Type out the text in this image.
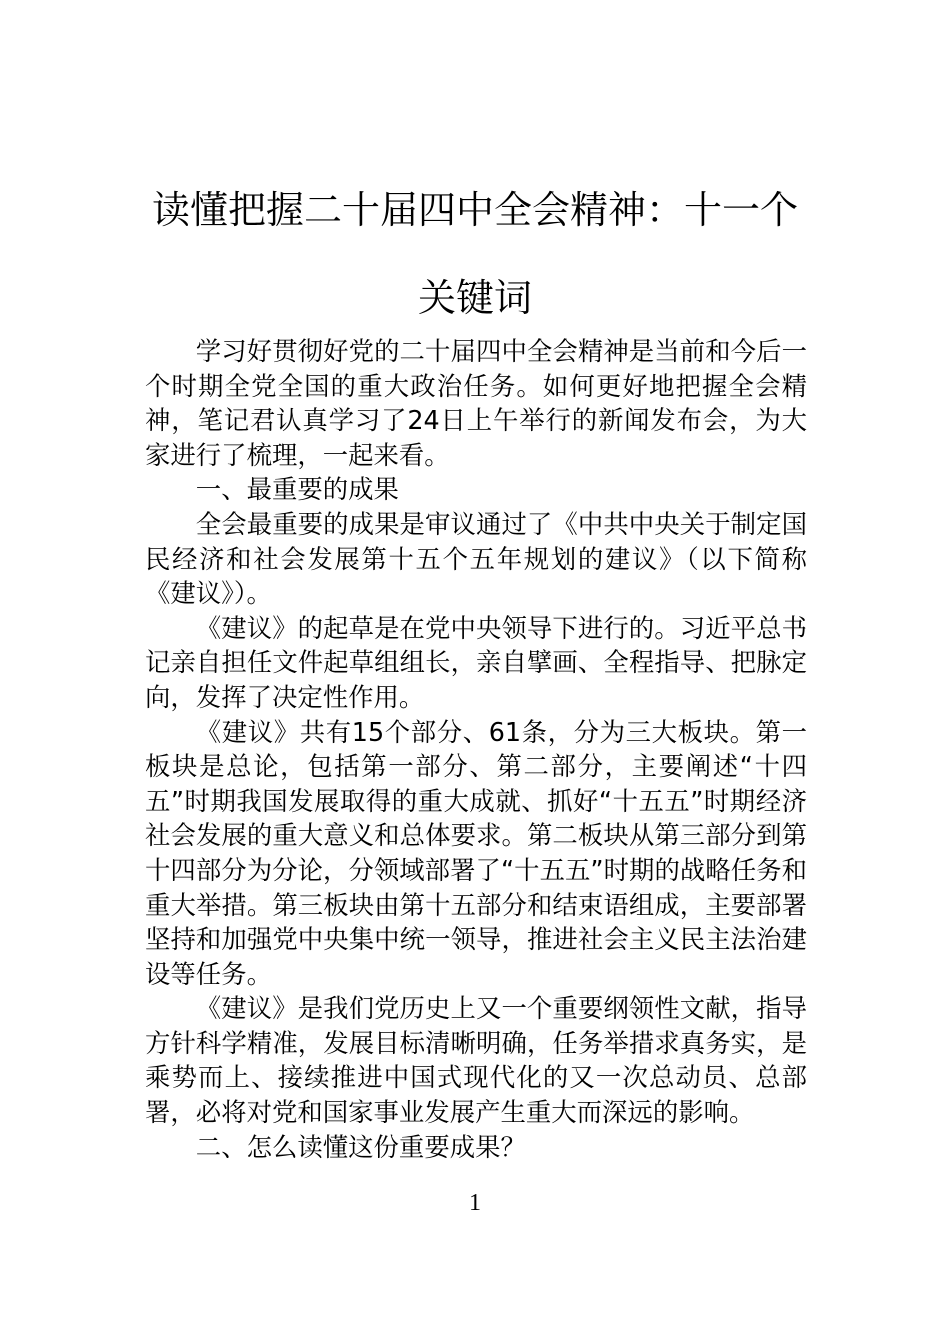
读懂把握二十届四中全会精神：十一个关键词

学习好贯彻好党的二十届四中全会精神是当前和今后一个时期全党全国的重大政治任务。如何更好地把握全会精神，笔记君认真学习了24日上午举行的新闻发布会，为大家进行了梳理，一起来看。

一、最重要的成果

全会最重要的成果是审议通过了《中共中央关于制定国民经济和社会发展第十五个五年规划的建议》（以下简称《建议》）。

《建议》的起草是在党中央领导下进行的。习近平总书记亲自担任文件起草组组长，亲自擘画、全程指导、把脉定向，发挥了决定性作用。

《建议》共有15个部分、61条，分为三大板块。第一板块是总论，包括第一部分、第二部分，主要阐述“十四五”时期我国发展取得的重大成就、抓好“十五五”时期经济社会发展的重大意义和总体要求。第二板块从第三部分到第十四部分为分论，分领域部署了“十五五”时期的战略任务和重大举措。第三板块由第十五部分和结束语组成，主要部署坚持和加强党中央集中统一领导，推进社会主义民主法治建设等任务。

《建议》是我们党历史上又一个重要纲领性文献，指导方针科学精准，发展目标清晰明确，任务举措求真务实，是乘势而上、接续推进中国式现代化的又一次总动员、总部署，必将对党和国家事业发展产生重大而深远的影响。

二、怎么读懂这份重要成果？

1
